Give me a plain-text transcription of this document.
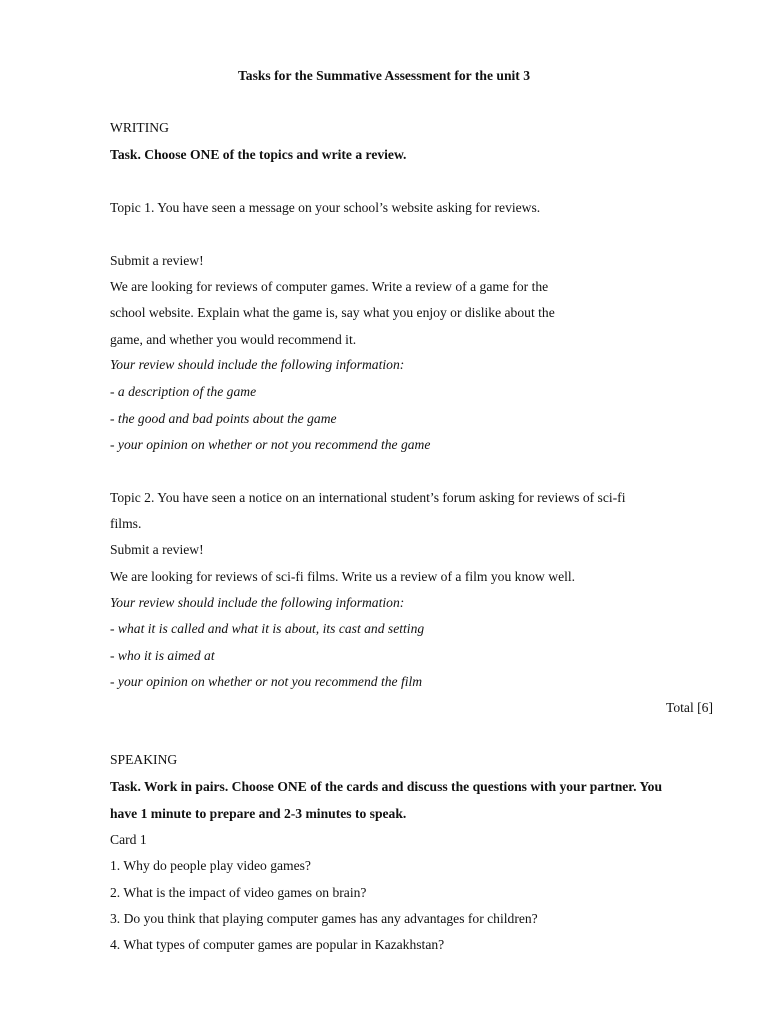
Tasks for the Summative Assessment for the unit 3
WRITING
Task. Choose ONE of the topics and write a review.
Topic 1. You have seen a message on your school’s website asking for reviews.
Submit a review!
We are looking for reviews of computer games. Write a review of a game for the
school website. Explain what the game is, say what you enjoy or dislike about the
game, and whether you would recommend it.
Your review should include the following information:
- a description of the game
- the good and bad points about the game
- your opinion on whether or not you recommend the game
Topic 2. You have seen a notice on an international student’s forum asking for reviews of sci-fi
films.
Submit a review!
We are looking for reviews of sci-fi films. Write us a review of a film you know well.
Your review should include the following information:
- what it is called and what it is about, its cast and setting
- who it is aimed at
- your opinion on whether or not you recommend the film
Total [6]
SPEAKING
Task. Work in pairs. Choose ONE of the cards and discuss the questions with your partner. You
have 1 minute to prepare and 2-3 minutes to speak.
Card 1
1. Why do people play video games?
2. What is the impact of video games on brain?
3. Do you think that playing computer games has any advantages for children?
4. What types of computer games are popular in Kazakhstan?
